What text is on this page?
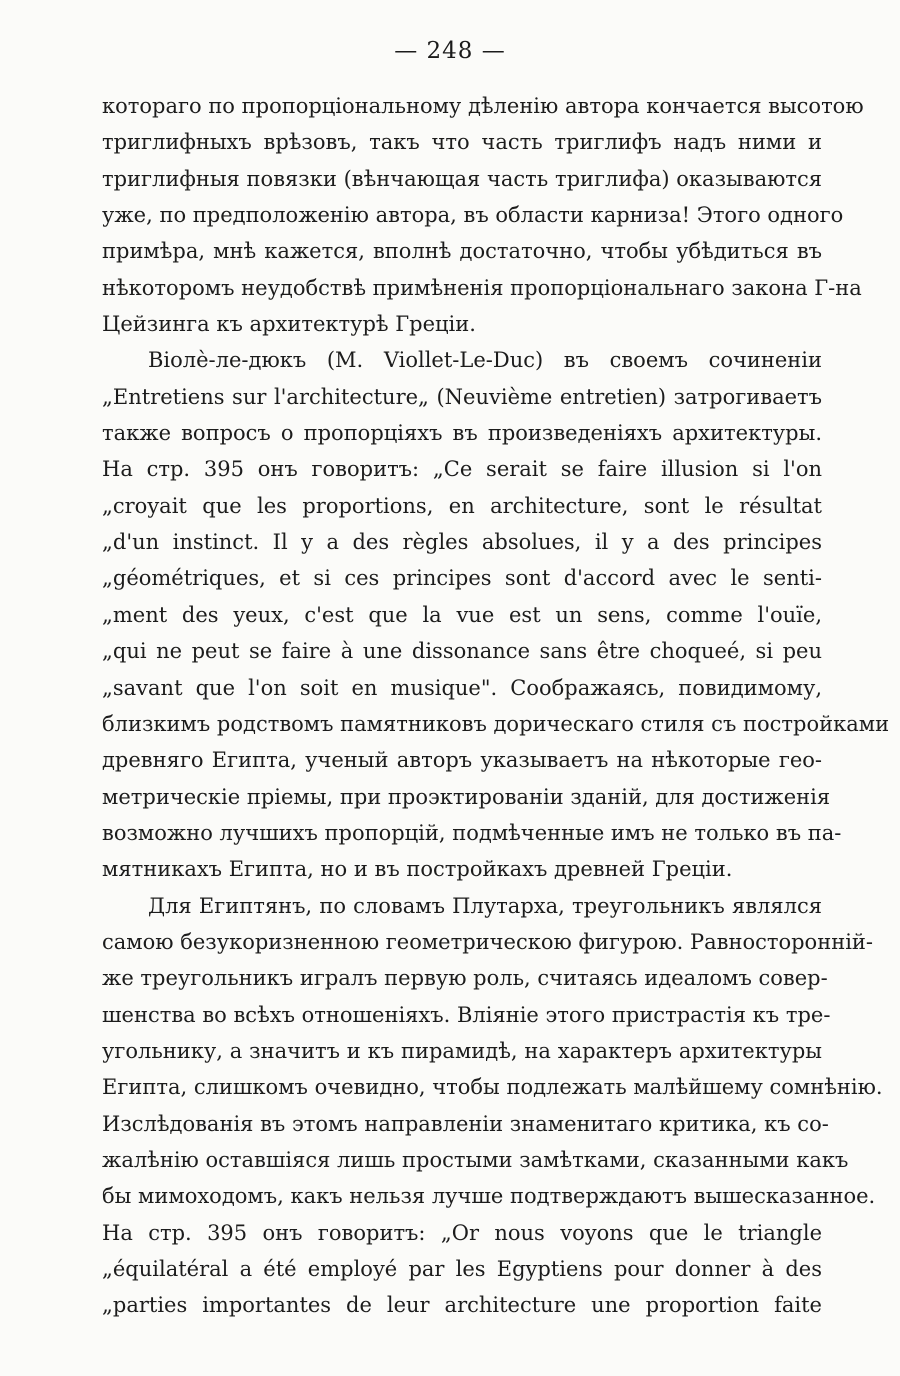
— 248 —
котораго по пропорціональному дѣленію автора кончается высотою
триглифныхъ врѣзовъ, такъ что часть триглифъ надъ ними и
триглифныя повязки (вѣнчающая часть триглифа) оказываются
уже, по предположенію автора, въ области карниза! Этого одного
примѣра, мнѣ кажется, вполнѣ достаточно, чтобы убѣдиться въ
нѣкоторомъ неудобствѣ примѣненія пропорціональнаго закона Г-на
Цейзинга къ архитектурѣ Греціи.
Віолѐ-ле-дюкъ (M. Viollet-Le-Duc) въ своемъ сочиненіи
„Entretiens sur l'architecture„ (Neuvième entretien) затрогиваетъ
также вопросъ о пропорціяхъ въ произведеніяхъ архитектуры.
На стр. 395 онъ говоритъ: „Ce serait se faire illusion si l'on
„croyait que les proportions, en architecture, sont le résultat
„d'un instinct. Il y a des règles absolues, il y a des principes
„géométriques, et si ces principes sont d'accord avec le senti-
„ment des yeux, c'est que la vue est un sens, comme l'ouïe,
„qui ne peut se faire à une dissonance sans être choqueé, si peu
„savant que l'on soit en musique". Соображаясь, повидимому,
близкимъ родствомъ памятниковъ дорическаго стиля съ постройками
древняго Египта, ученый авторъ указываетъ на нѣкоторые гео-
метрическіе пріемы, при проэктированіи зданій, для достиженія
возможно лучшихъ пропорцій, подмѣченные имъ не только въ па-
мятникахъ Египта, но и въ постройкахъ древней Греціи.
Для Египтянъ, по словамъ Плутарха, треугольникъ являлся
самою безукоризненною геометрическою фигурою. Равносторонній-
же треугольникъ игралъ первую роль, считаясь идеаломъ совер-
шенства во всѣхъ отношеніяхъ. Вліяніе этого пристрастія къ тре-
угольнику, а значитъ и къ пирамидѣ, на характеръ архитектуры
Египта, слишкомъ очевидно, чтобы подлежать малѣйшему сомнѣнію.
Изслѣдованія въ этомъ направленіи знаменитаго критика, къ со-
жалѣнію оставшіяся лишь простыми замѣтками, сказанными какъ
бы мимоходомъ, какъ нельзя лучше подтверждаютъ вышесказанное.
На стр. 395 онъ говоритъ: „Or nous voyons que le triangle
„équilatéral a été employé par les Egyptiens pour donner à des
„parties importantes de leur architecture une proportion faite
